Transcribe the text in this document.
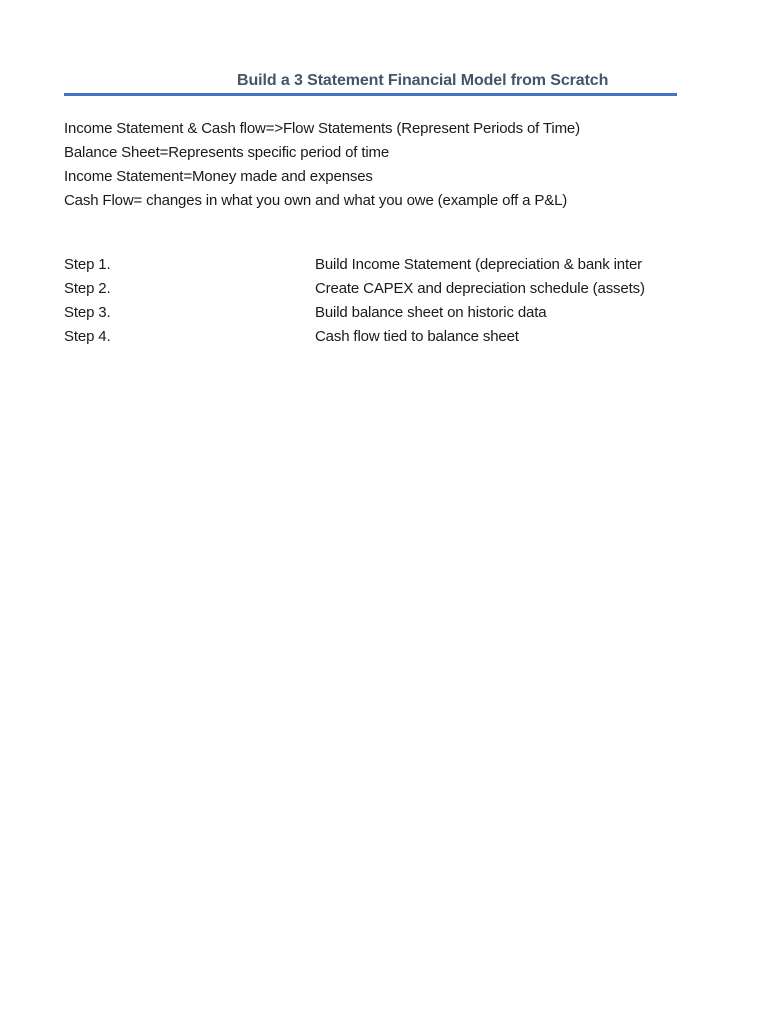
Build a 3 Statement Financial Model from Scratch
Income Statement & Cash flow=>Flow Statements (Represent Periods of Time)
Balance Sheet=Represents specific period of time
Income Statement=Money made and expenses
Cash Flow= changes in what you own and what you owe (example off a P&L)
Step 1.	Build Income Statement (depreciation & bank inter
Step 2.	Create CAPEX and depreciation schedule (assets)
Step 3.	Build balance sheet on historic data
Step 4.	Cash flow tied to balance sheet
